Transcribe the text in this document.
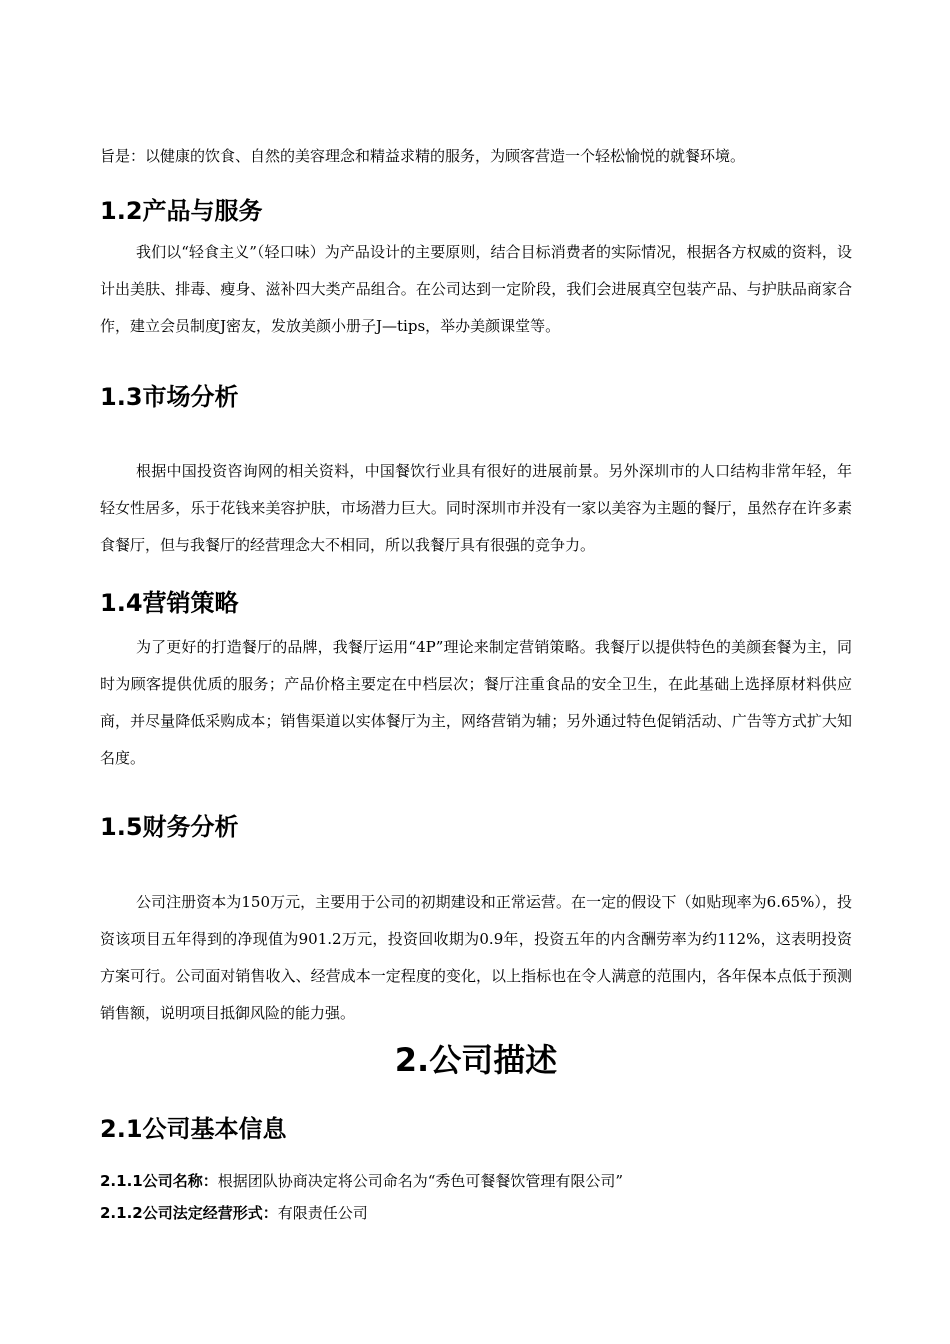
旨是：以健康的饮食、自然的美容理念和精益求精的服务，为顾客营造一个轻松愉悦的就餐环境。

1.2产品与服务

我们以“轻食主义”（轻口味）为产品设计的主要原则，结合目标消费者的实际情况，根据各方权威的资料，设计出美肤、排毒、瘦身、滋补四大类产品组合。在公司达到一定阶段，我们会进展真空包装产品、与护肤品商家合作，建立会员制度J密友，发放美颜小册子J—tips，举办美颜课堂等。

1.3市场分析

根据中国投资咨询网的相关资料，中国餐饮行业具有很好的进展前景。另外深圳市的人口结构非常年轻，年轻女性居多，乐于花钱来美容护肤，市场潜力巨大。同时深圳市并没有一家以美容为主题的餐厅，虽然存在许多素食餐厅，但与我餐厅的经营理念大不相同，所以我餐厅具有很强的竞争力。

1.4营销策略

为了更好的打造餐厅的品牌，我餐厅运用“4P”理论来制定营销策略。我餐厅以提供特色的美颜套餐为主，同时为顾客提供优质的服务；产品价格主要定在中档层次；餐厅注重食品的安全卫生，在此基础上选择原材料供应商，并尽量降低采购成本；销售渠道以实体餐厅为主，网络营销为辅；另外通过特色促销活动、广告等方式扩大知名度。

1.5财务分析

公司注册资本为150万元，主要用于公司的初期建设和正常运营。在一定的假设下（如贴现率为6.65%），投资该项目五年得到的净现值为901.2万元，投资回收期为0.9年，投资五年的内含酬劳率为约112%，这表明投资方案可行。公司面对销售收入、经营成本一定程度的变化，以上指标也在令人满意的范围内，各年保本点低于预测销售额，说明项目抵御风险的能力强。

2.公司描述
2.1公司基本信息
2.1.1公司名称：根据团队协商决定将公司命名为“秀色可餐餐饮管理有限公司”
2.1.2公司法定经营形式：有限责任公司
